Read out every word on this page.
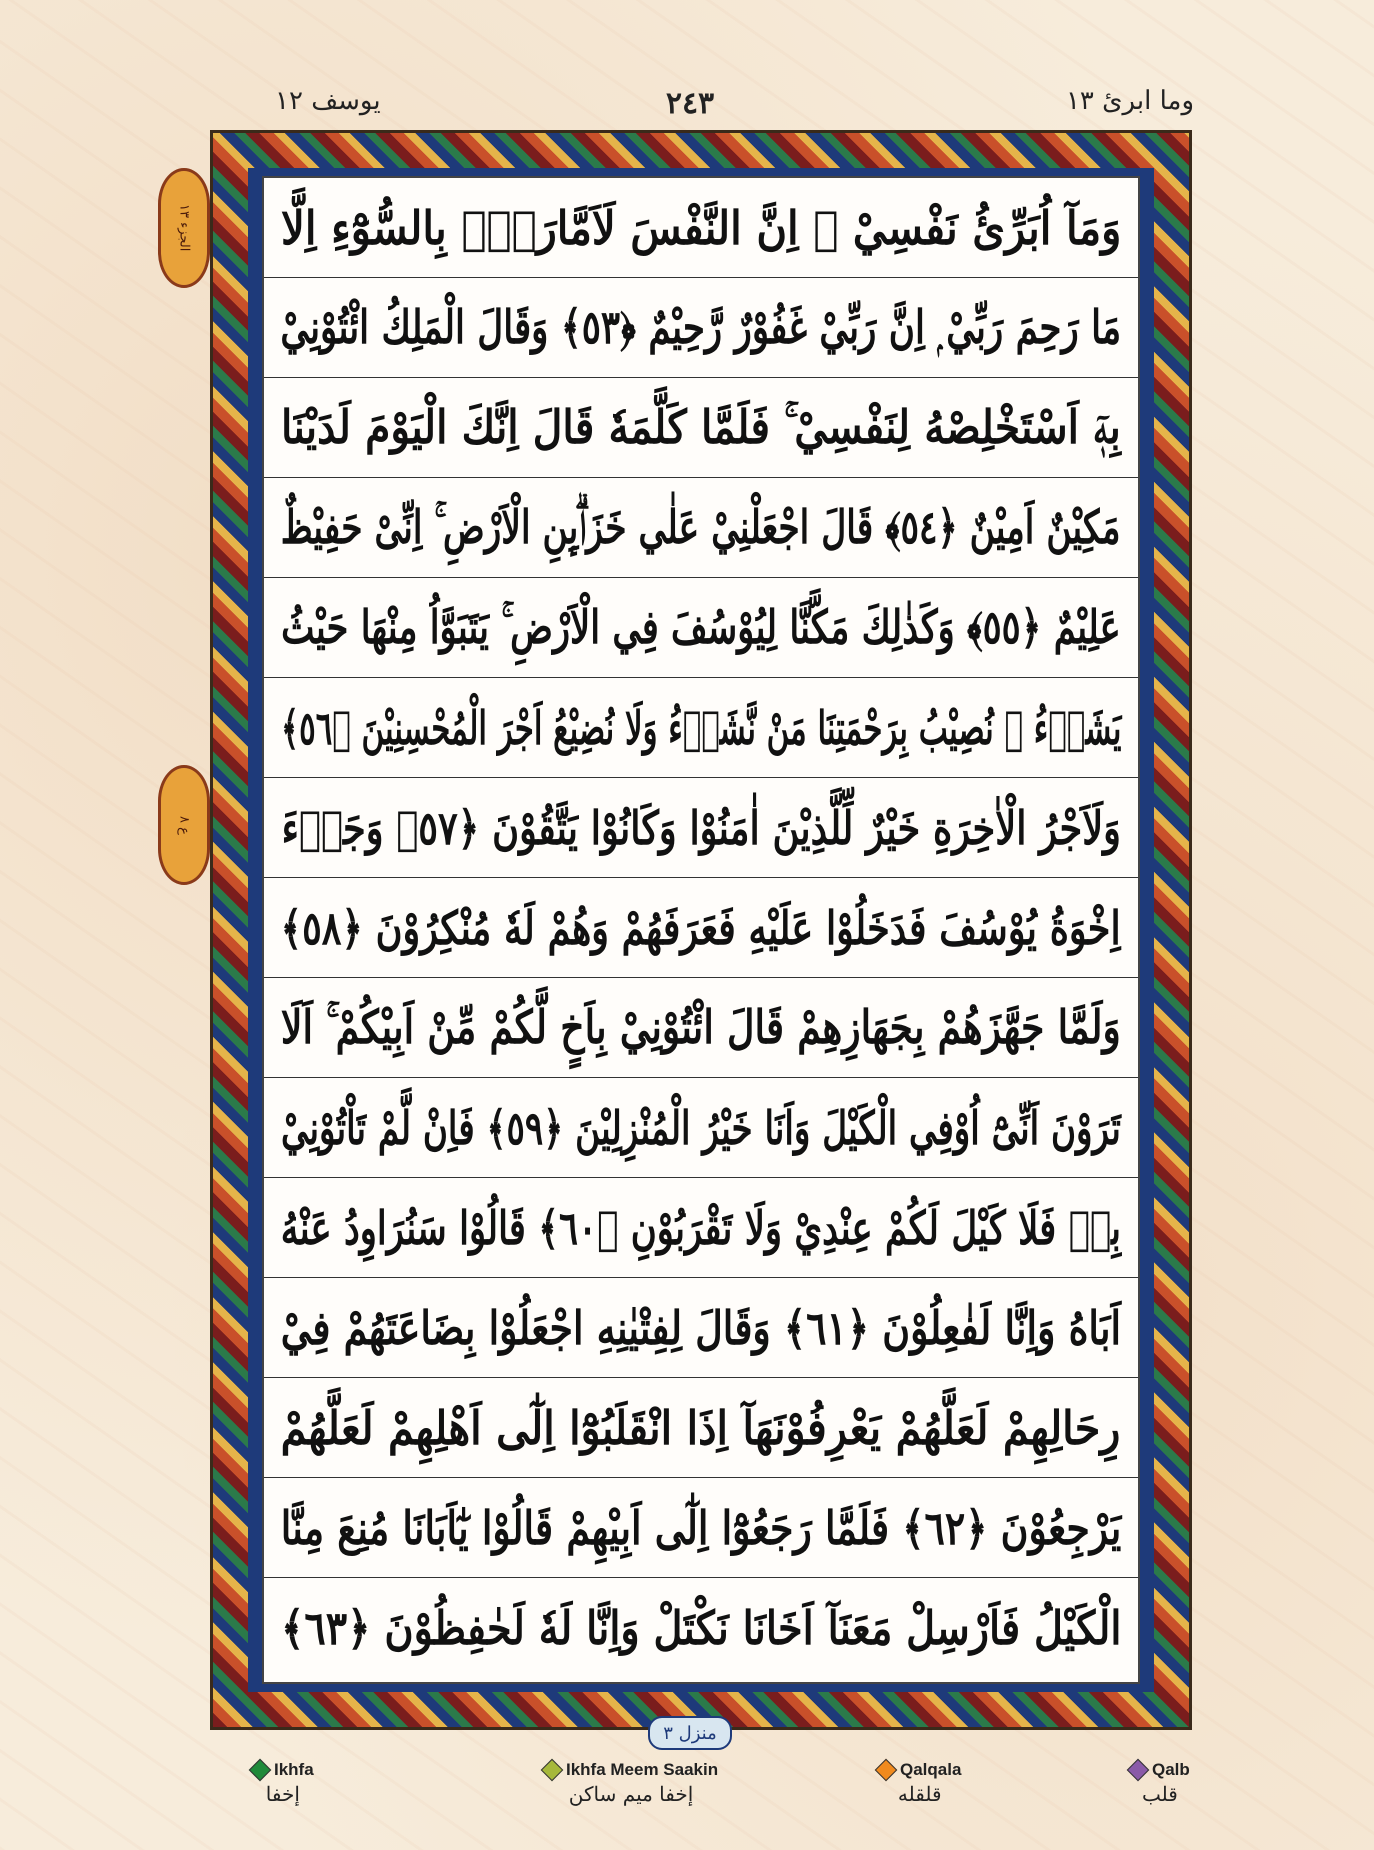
يوسف ١٢	٢٤٣	وما ابرئ ١٣
وَمَآ اُبَرِّئُ نَفْسِيْ ۚ اِنَّ النَّفْسَ لَاَمَّارَةٌۢ بِالسُّوْٓءِ اِلَّا
مَا رَحِمَ رَبِّيْ ۭ اِنَّ رَبِّيْ غَفُوْرٌ رَّحِيْمٌ ﴿٥٣﴾ وَقَالَ الْمَلِكُ ائْتُوْنِيْ
بِهٖٓ اَسْتَخْلِصْهُ لِنَفْسِيْ ۚ فَلَمَّا كَلَّمَهٗ قَالَ اِنَّكَ الْيَوْمَ لَدَيْنَا
مَكِيْنٌ اَمِيْنٌ ﴿٥٤﴾ قَالَ اجْعَلْنِيْ عَلٰي خَزَاۗىِٕنِ الْاَرْضِ ۚ اِنِّىْ حَفِيْظٌ
عَلِيْمٌ ﴿٥٥﴾ وَكَذٰلِكَ مَكَّنَّا لِيُوْسُفَ فِي الْاَرْضِ ۚ يَتَبَوَّاُ مِنْهَا حَيْثُ
يَشَاۗءُ ۭ نُصِيْبُ بِرَحْمَتِنَا مَنْ نَّشَاۗءُ وَلَا نُضِيْعُ اَجْرَ الْمُحْسِنِيْنَ ﴿٥٦﴾
وَلَاَجْرُ الْاٰخِرَةِ خَيْرٌ لِّلَّذِيْنَ اٰمَنُوْا وَكَانُوْا يَتَّقُوْنَ ﴿٥٧﴾ وَجَاۗءَ
اِخْوَةُ يُوْسُفَ فَدَخَلُوْا عَلَيْهِ فَعَرَفَهُمْ وَهُمْ لَهٗ مُنْكِرُوْنَ ﴿٥٨﴾
وَلَمَّا جَهَّزَهُمْ بِجَهَازِهِمْ قَالَ ائْتُوْنِيْ بِاَخٍ لَّكُمْ مِّنْ اَبِيْكُمْ ۚ اَلَا
تَرَوْنَ اَنِّىْٓ اُوْفِي الْكَيْلَ وَاَنَا خَيْرُ الْمُنْزِلِيْنَ ﴿٥٩﴾ فَاِنْ لَّمْ تَاْتُوْنِيْ
بِهٖ فَلَا كَيْلَ لَكُمْ عِنْدِيْ وَلَا تَقْرَبُوْنِ ﴿٦٠﴾ قَالُوْا سَنُرَاوِدُ عَنْهُ
اَبَاهُ وَاِنَّا لَفٰعِلُوْنَ ﴿٦١﴾ وَقَالَ لِفِتْيٰنِهِ اجْعَلُوْا بِضَاعَتَهُمْ فِيْ
رِحَالِهِمْ لَعَلَّهُمْ يَعْرِفُوْنَهَآ اِذَا انْقَلَبُوْٓا اِلٰٓى اَهْلِهِمْ لَعَلَّهُمْ
يَرْجِعُوْنَ ﴿٦٢﴾ فَلَمَّا رَجَعُوْٓا اِلٰٓى اَبِيْهِمْ قَالُوْا يٰٓاَبَانَا مُنِعَ مِنَّا
الْكَيْلُ فَاَرْسِلْ مَعَنَآ اَخَانَا نَكْتَلْ وَاِنَّا لَهٗ لَحٰفِظُوْنَ ﴿٦٣﴾
الجزء ١٣
ع ٨
منزل ٣
Ikhfa
إخفا
Ikhfa Meem Saakin
إخفا میم ساكن
Qalqala
قلقله
Qalb
قلب
